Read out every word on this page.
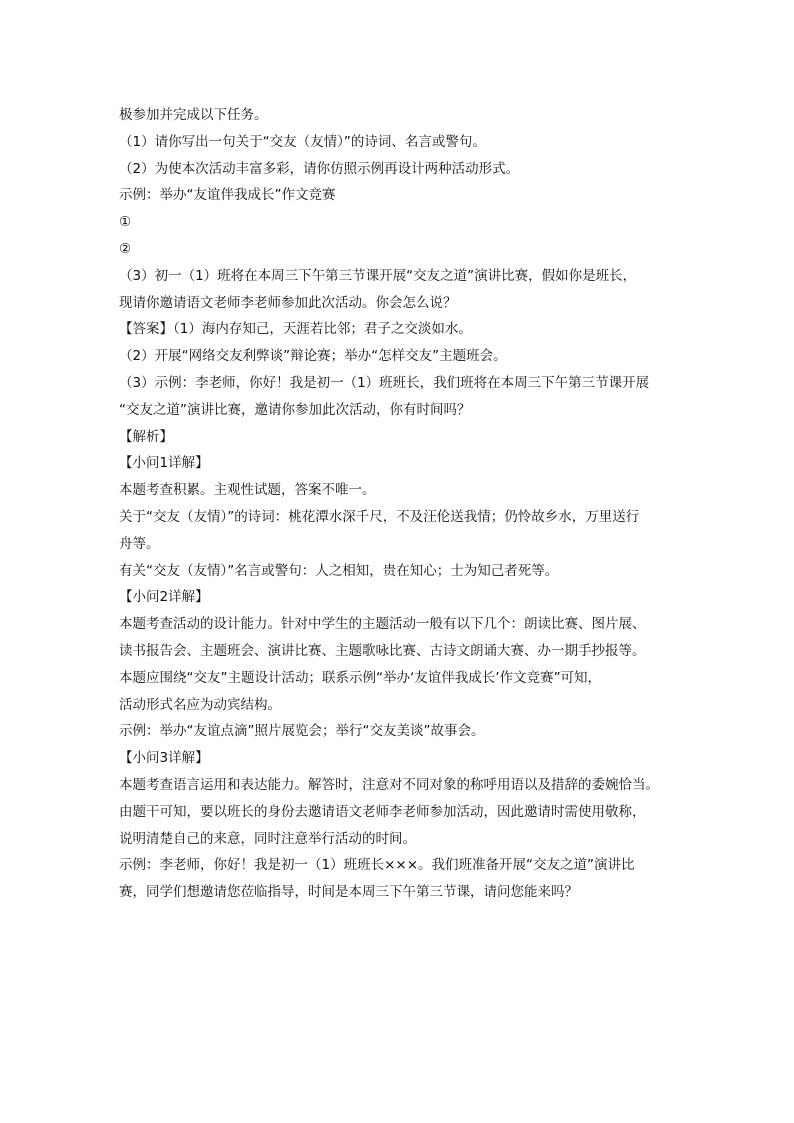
极参加并完成以下任务。
（1）请你写出一句关于“交友（友情）”的诗词、名言或警句。
（2）为使本次活动丰富多彩，请你仿照示例再设计两种活动形式。
示例：举办“友谊伴我成长”作文竞赛
①
②
（3）初一（1）班将在本周三下午第三节课开展“交友之道”演讲比赛，假如你是班长，
现请你邀请语文老师李老师参加此次活动。你会怎么说？
【答案】（1）海内存知己，天涯若比邻；君子之交淡如水。
（2）开展“网络交友利弊谈”辩论赛；举办“怎样交友”主题班会。
（3）示例：李老师，你好！我是初一（1）班班长，我们班将在本周三下午第三节课开展
“交友之道”演讲比赛，邀请你参加此次活动，你有时间吗？
【解析】
【小问1详解】
本题考查积累。主观性试题，答案不唯一。
关于“交友（友情）”的诗词：桃花潭水深千尺，不及汪伦送我情；仍怜故乡水，万里送行
舟等。
有关“交友（友情）”名言或警句：人之相知，贵在知心；士为知己者死等。
【小问2详解】
本题考查活动的设计能力。针对中学生的主题活动一般有以下几个：朗读比赛、图片展、
读书报告会、主题班会、演讲比赛、主题歌咏比赛、古诗文朗诵大赛、办一期手抄报等。
本题应围绕“交友”主题设计活动；联系示例“举办‘友谊伴我成长’作文竞赛”可知，
活动形式名应为动宾结构。
示例：举办“友谊点滴”照片展览会；举行“交友美谈”故事会。
【小问3详解】
本题考查语言运用和表达能力。解答时，注意对不同对象的称呼用语以及措辞的委婉恰当。
由题干可知，要以班长的身份去邀请语文老师李老师参加活动，因此邀请时需使用敬称，
说明清楚自己的来意，同时注意举行活动的时间。
示例：李老师，你好！我是初一（1）班班长×××。我们班准备开展“交友之道”演讲比
赛，同学们想邀请您莅临指导，时间是本周三下午第三节课，请问您能来吗？
